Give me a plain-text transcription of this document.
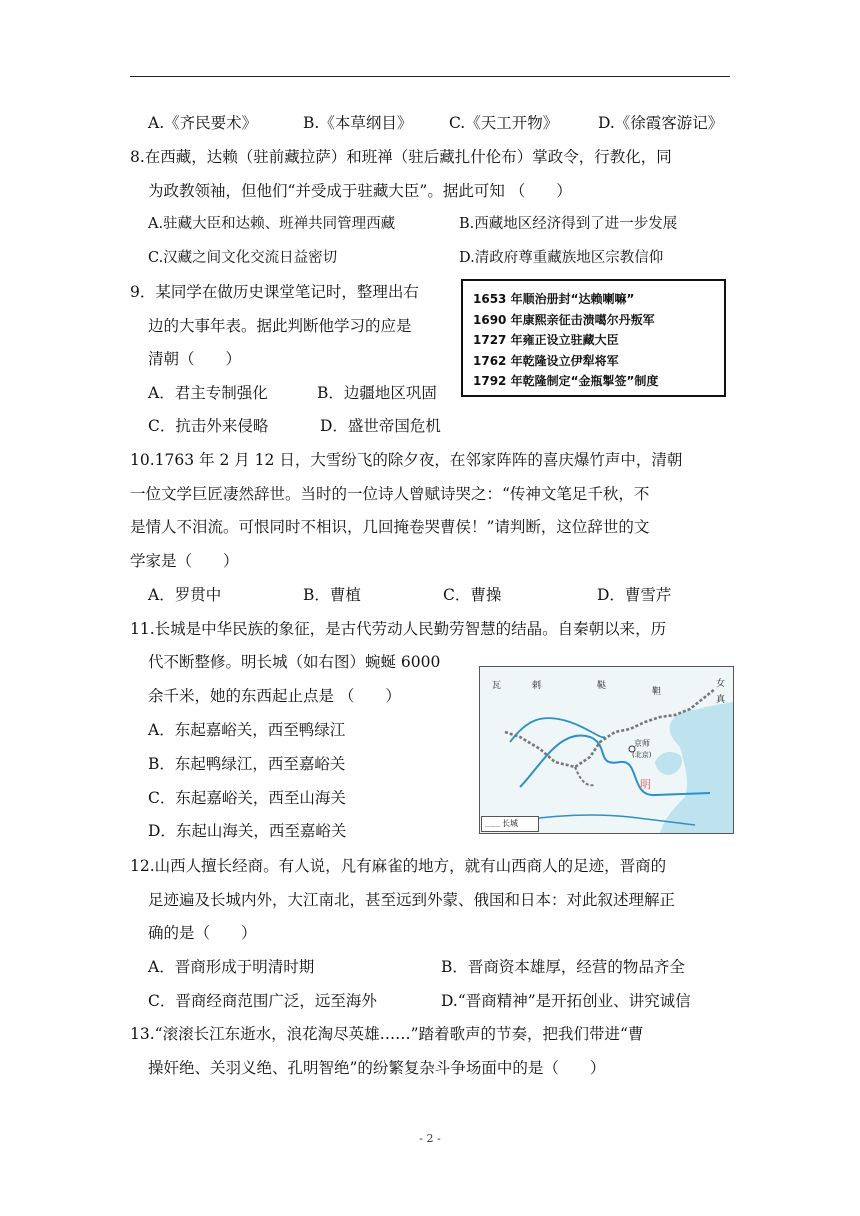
A.《齐民要术》	B.《本草纲目》 C.《天工开物》	D.《徐霞客游记》
8.在西藏，达赖（驻前藏拉萨）和班禅（驻后藏扎什伦布）掌政令，行教化，同
为政教领袖，但他们“并受成于驻藏大臣”。据此可知 （　　）
A.驻藏大臣和达赖、班禅共同管理西藏	B.西藏地区经济得到了进一步发展
C.汉藏之间文化交流日益密切	D.清政府尊重藏族地区宗教信仰
9．某同学在做历史课堂笔记时，整理出右
边的大事年表。据此判断他学习的应是
清朝（　　）
A．君主专制强化	B．边疆地区巩固
C．抗击外来侵略	D．盛世帝国危机
1653 年顺治册封“达赖喇嘛”
1690 年康熙亲征击溃噶尔丹叛军
1727 年雍正设立驻藏大臣
1762 年乾隆设立伊犁将军
1792 年乾隆制定“金瓶掣签”制度
10.1763 年 2 月 12 日，大雪纷飞的除夕夜，在邻家阵阵的喜庆爆竹声中，清朝
一位文学巨匠凄然辞世。当时的一位诗人曾赋诗哭之：“传神文笔足千秋，不
是情人不泪流。可恨同时不相识，几回掩卷哭曹侯！”请判断，这位辞世的文
学家是（　　）
A．罗贯中	B．曹植	C．曹操	D．曹雪芹
11.长城是中华民族的象征，是古代劳动人民勤劳智慧的结晶。自秦朝以来，历
代不断整修。明长城（如右图）蜿蜒 6000
余千米，她的东西起止点是 （　　）
A．东起嘉峪关，西至鸭绿江
B．东起鸭绿江，西至嘉峪关
C．东起嘉峪关，西至山海关
D．东起山海关，西至嘉峪关
瓦	剌	鞑
靼
女
真
京师
(北京)
明
﹏﹏ 长城
12.山西人擅长经商。有人说，凡有麻雀的地方，就有山西商人的足迹，晋商的
足迹遍及长城内外，大江南北，甚至远到外蒙、俄国和日本：对此叙述理解正
确的是（　　）
A．晋商形成于明清时期	B．晋商资本雄厚，经营的物品齐全
C．晋商经商范围广泛，远至海外	D.“晋商精神”是开拓创业、讲究诚信
13.“滚滚长江东逝水，浪花淘尽英雄……”踏着歌声的节奏，把我们带进“曹
操奸绝、关羽义绝、孔明智绝”的纷繁复杂斗争场面中的是（　　）
- 2 -
